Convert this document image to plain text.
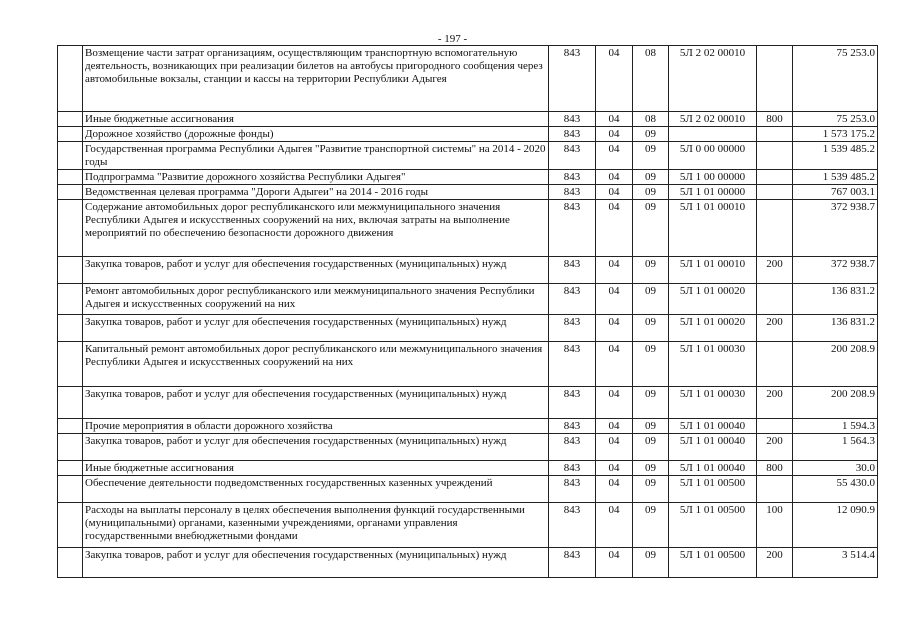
- 197 -
	Возмещение части затрат организациям, осуществляющим транспортную вспомогательную деятельность, возникающих при реализации билетов на автобусы пригородного сообщения через автомобильные вокзалы, станции и кассы на территории Республики Адыгея	843	04	08	5Л 2 02 00010		75 253.0
	Иные бюджетные ассигнования	843	04	08	5Л 2 02 00010	800	75 253.0
	Дорожное хозяйство (дорожные фонды)	843	04	09			1 573 175.2
	Государственная программа Республики Адыгея "Развитие транспортной системы" на 2014 - 2020 годы	843	04	09	5Л 0 00 00000		1 539 485.2
	Подпрограмма "Развитие дорожного хозяйства Республики Адыгея"	843	04	09	5Л 1 00 00000		1 539 485.2
	Ведомственная целевая программа "Дороги Адыгеи" на 2014 - 2016 годы	843	04	09	5Л 1 01 00000		767 003.1
	Содержание автомобильных дорог республиканского или межмуниципального значения Республики Адыгея и искусственных сооружений на них, включая затраты на выполнение мероприятий по обеспечению безопасности дорожного движения	843	04	09	5Л 1 01 00010		372 938.7
	Закупка товаров, работ и услуг для обеспечения государственных (муниципальных) нужд	843	04	09	5Л 1 01 00010	200	372 938.7
	Ремонт автомобильных дорог республиканского или межмуниципального значения Республики Адыгея и искусственных сооружений на них	843	04	09	5Л 1 01 00020		136 831.2
	Закупка товаров, работ и услуг для обеспечения государственных (муниципальных) нужд	843	04	09	5Л 1 01 00020	200	136 831.2
	Капитальный ремонт автомобильных дорог республиканского или межмуниципального значения Республики Адыгея и искусственных сооружений на них	843	04	09	5Л 1 01 00030		200 208.9
	Закупка товаров, работ и услуг для обеспечения государственных (муниципальных) нужд	843	04	09	5Л 1 01 00030	200	200 208.9
	Прочие мероприятия в области дорожного хозяйства	843	04	09	5Л 1 01 00040		1 594.3
	Закупка товаров, работ и услуг для обеспечения государственных (муниципальных) нужд	843	04	09	5Л 1 01 00040	200	1 564.3
	Иные бюджетные ассигнования	843	04	09	5Л 1 01 00040	800	30.0
	Обеспечение деятельности подведомственных государственных казенных учреждений	843	04	09	5Л 1 01 00500		55 430.0
	Расходы на выплаты персоналу в целях обеспечения выполнения функций государственными (муниципальными) органами, казенными учреждениями, органами управления государственными внебюджетными фондами	843	04	09	5Л 1 01 00500	100	12 090.9
	Закупка товаров, работ и услуг для обеспечения государственных (муниципальных) нужд	843	04	09	5Л 1 01 00500	200	3 514.4
